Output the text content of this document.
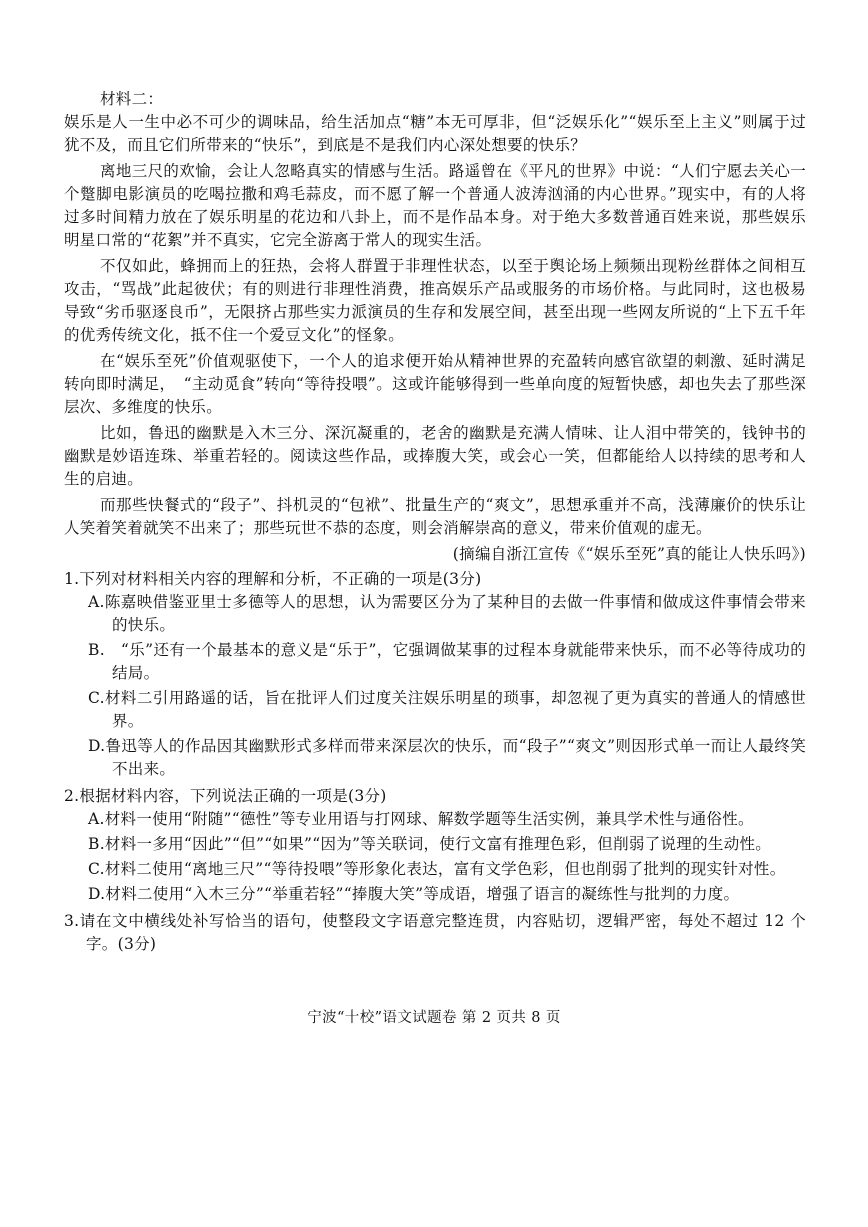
材料二：
娱乐是人一生中必不可少的调味品，给生活加点“糖”本无可厚非，但“泛娱乐化”“娱乐至上主义”则属于过犹不及，而且它们所带来的“快乐”，到底是不是我们内心深处想要的快乐？
离地三尺的欢愉，会让人忽略真实的情感与生活。路遥曾在《平凡的世界》中说：“人们宁愿去关心一个蹩脚电影演员的吃喝拉撒和鸡毛蒜皮，而不愿了解一个普通人波涛汹涌的内心世界。”现实中，有的人将过多时间精力放在了娱乐明星的花边和八卦上，而不是作品本身。对于绝大多数普通百姓来说，那些娱乐明星口常的“花絮”并不真实，它完全游离于常人的现实生活。
不仅如此，蜂拥而上的狂热，会将人群置于非理性状态，以至于舆论场上频频出现粉丝群体之间相互攻击，“骂战”此起彼伏；有的则进行非理性消费，推高娱乐产品或服务的市场价格。与此同时，这也极易导致“劣币驱逐良币”，无限挤占那些实力派演员的生存和发展空间，甚至出现一些网友所说的“上下五千年的优秀传统文化，抵不住一个爱豆文化”的怪象。
在“娱乐至死”价值观驱使下，一个人的追求便开始从精神世界的充盈转向感官欲望的刺激、延时满足转向即时满足，　“主动觅食”转向“等待投喂”。这或许能够得到一些单向度的短暂快感，却也失去了那些深层次、多维度的快乐。
比如，鲁迅的幽默是入木三分、深沉凝重的，老舍的幽默是充满人情味、让人泪中带笑的，钱钟书的幽默是妙语连珠、举重若轻的。阅读这些作品，或捧腹大笑，或会心一笑，但都能给人以持续的思考和人生的启迪。
而那些快餐式的“段子”、抖机灵的“包袱”、批量生产的“爽文”，思想承重并不高，浅薄廉价的快乐让人笑着笑着就笑不出来了；那些玩世不恭的态度，则会消解崇高的意义，带来价值观的虚无。
(摘编自浙江宣传《“娱乐至死”真的能让人快乐吗》)
1.下列对材料相关内容的理解和分析，不正确的一项是(3分)
A.陈嘉映借鉴亚里士多德等人的思想，认为需要区分为了某种目的去做一件事情和做成这件事情会带来的快乐。
B.　“乐”还有一个最基本的意义是“乐于”，它强调做某事的过程本身就能带来快乐，而不必等待成功的结局。
C.材料二引用路遥的话，旨在批评人们过度关注娱乐明星的琐事，却忽视了更为真实的普通人的情感世界。
D.鲁迅等人的作品因其幽默形式多样而带来深层次的快乐，而“段子”“爽文”则因形式单一而让人最终笑不出来。
2.根据材料内容，下列说法正确的一项是(3分)
A.材料一使用“附随”“德性”等专业用语与打网球、解数学题等生活实例，兼具学术性与通俗性。
B.材料一多用“因此”“但”“如果”“因为”等关联词，使行文富有推理色彩，但削弱了说理的生动性。
C.材料二使用“离地三尺”“等待投喂”等形象化表达，富有文学色彩，但也削弱了批判的现实针对性。
D.材料二使用“入木三分”“举重若轻”“捧腹大笑”等成语，增强了语言的凝练性与批判的力度。
3.请在文中横线处补写恰当的语句，使整段文字语意完整连贯，内容贴切，逻辑严密，每处不超过 12 个字。(3分)
宁波“十校”语文试题卷 第 2 页共 8 页
